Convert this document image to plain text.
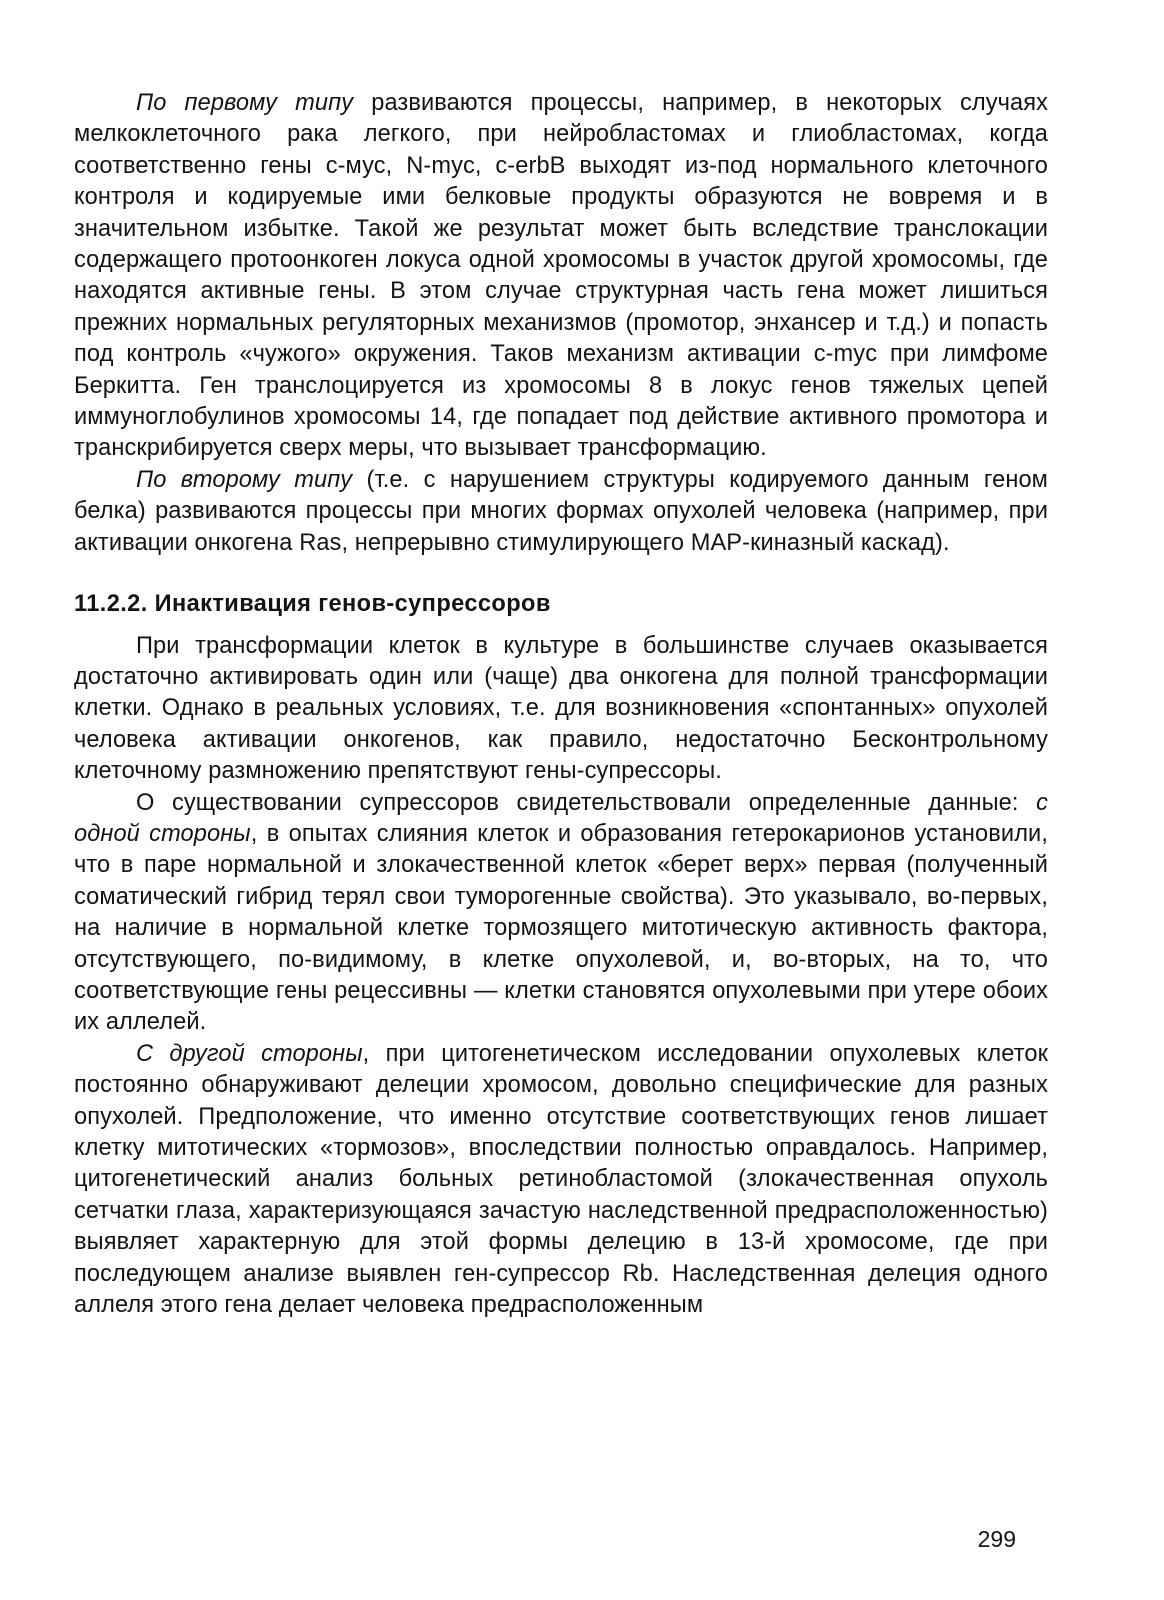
По первому типу развиваются процессы, например, в некоторых случаях мелкоклеточного рака легкого, при нейробластомах и глиобластомах, когда соответственно гены с-мус, N-myc, c-erbB выходят из-под нормального клеточного контроля и кодируемые ими белковые продукты образуются не вовремя и в значительном избытке. Такой же результат может быть вследствие транслокации содержащего протоонкоген локуса одной хромосомы в участок другой хромосомы, где находятся активные гены. В этом случае структурная часть гена может лишиться прежних нормальных регуляторных механизмов (промотор, энхансер и т.д.) и попасть под контроль «чужого» окружения. Таков механизм активации с-myc при лимфоме Беркитта. Ген транслоцируется из хромосомы 8 в локус генов тяжелых цепей иммуноглобулинов хромосомы 14, где попадает под действие активного промотора и транскрибируется сверх меры, что вызывает трансформацию.

По второму типу (т.е. с нарушением структуры кодируемого данным геном белка) развиваются процессы при многих формах опухолей человека (например, при активации онкогена Ras, непрерывно стимулирующего МАР-киназный каскад).

11.2.2. Инактивация генов-супрессоров

При трансформации клеток в культуре в большинстве случаев оказывается достаточно активировать один или (чаще) два онкогена для полной трансформации клетки. Однако в реальных условиях, т.е. для возникновения «спонтанных» опухолей человека активации онкогенов, как правило, недостаточно Бесконтрольному клеточному размножению препятствуют гены-супрессоры.

О существовании супрессоров свидетельствовали определенные данные: с одной стороны, в опытах слияния клеток и образования гетерокарионов установили, что в паре нормальной и злокачественной клеток «берет верх» первая (полученный соматический гибрид терял свои туморогенные свойства). Это указывало, во-первых, на наличие в нормальной клетке тормозящего митотическую активность фактора, отсутствующего, по-видимому, в клетке опухолевой, и, во-вторых, на то, что соответствующие гены рецессивны — клетки становятся опухолевыми при утере обоих их аллелей.

С другой стороны, при цитогенетическом исследовании опухолевых клеток постоянно обнаруживают делеции хромосом, довольно специфические для разных опухолей. Предположение, что именно отсутствие соответствующих генов лишает клетку митотических «тормозов», впоследствии полностью оправдалось. Например, цитогенетический анализ больных ретинобластомой (злокачественная опухоль сетчатки глаза, характеризующаяся зачастую наследственной предрасположенностью) выявляет характерную для этой формы делецию в 13-й хромосоме, где при последующем анализе выявлен ген-супрессор Rb. Наследственная делеция одного аллеля этого гена делает человека предрасположенным

299
